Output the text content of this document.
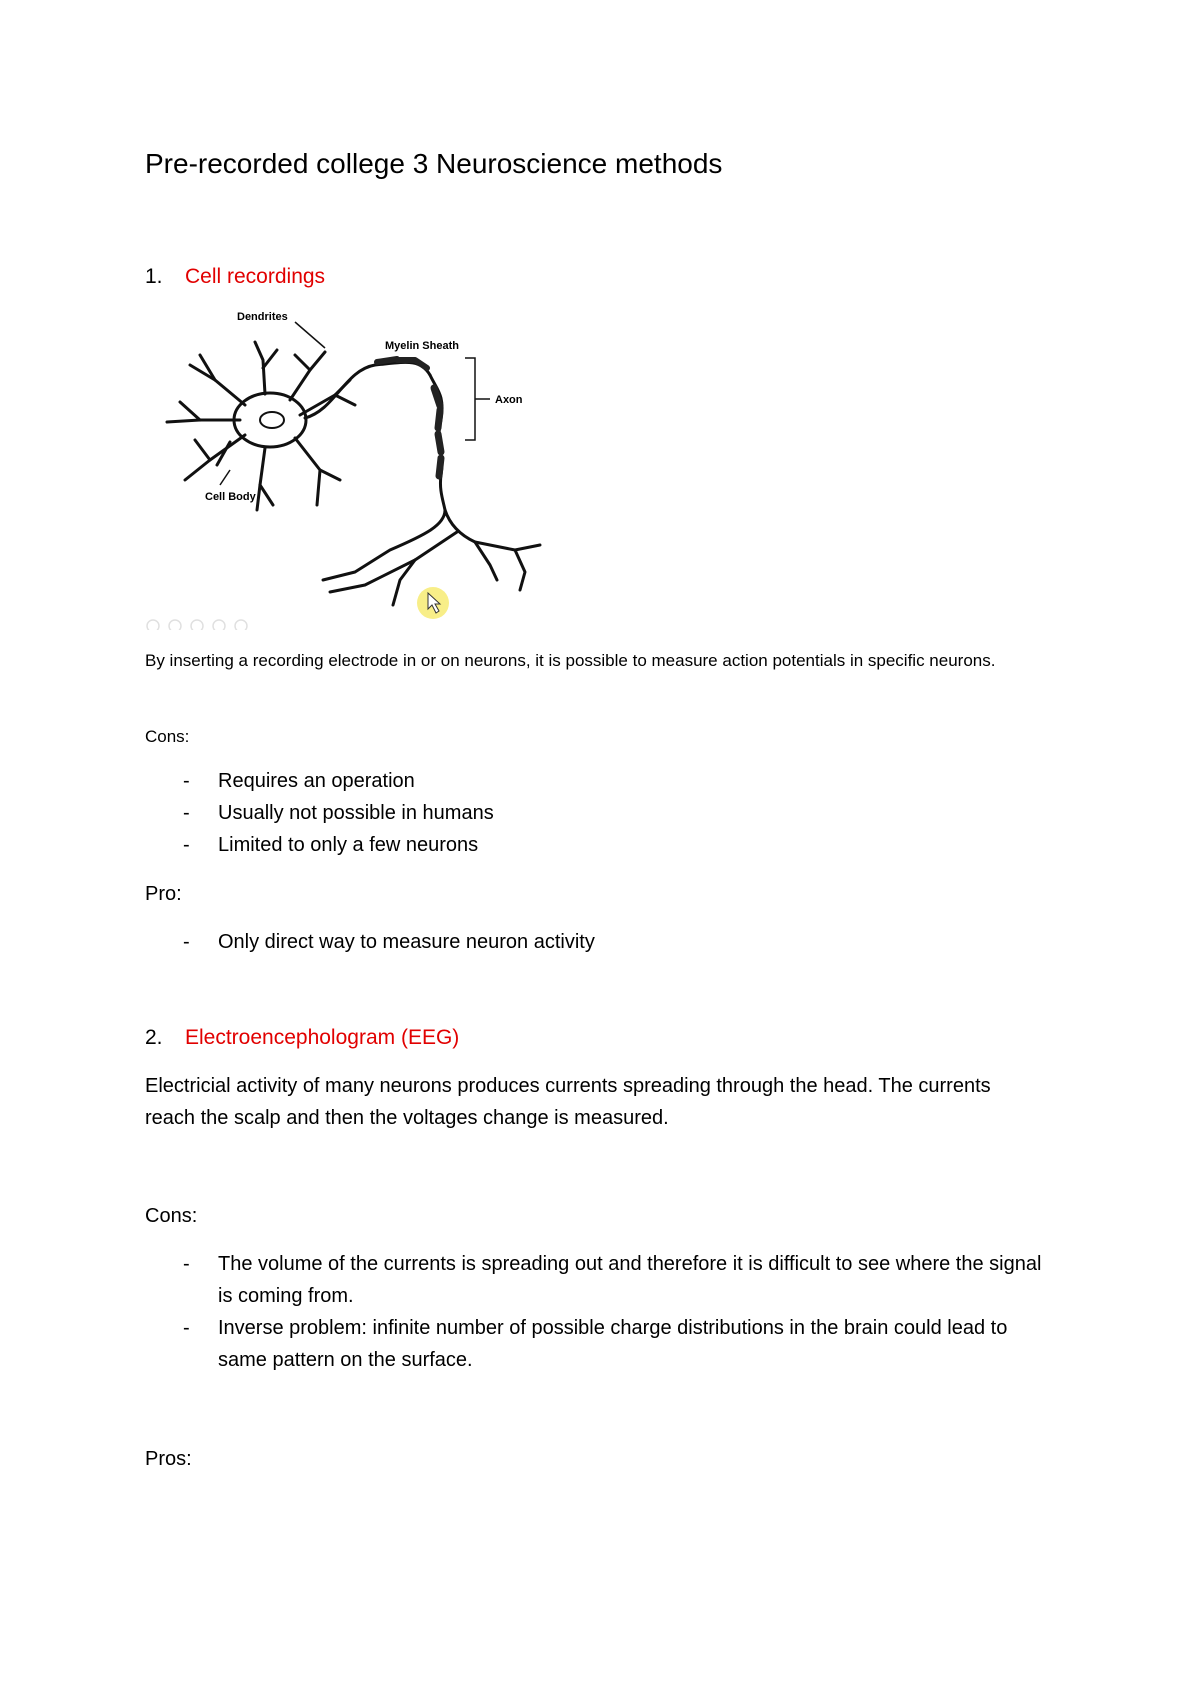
Pre-recorded college 3 Neuroscience methods
1. Cell recordings
Dendrites
Myelin Sheath
Axon
Cell Body

By inserting a recording electrode in or on neurons, it is possible to measure action potentials in specific neurons.

Cons:

- Requires an operation
- Usually not possible in humans
- Limited to only a few neurons

Pro:

- Only direct way to measure neuron activity
2. Electroencephologram (EEG)

Electricial activity of many neurons produces currents spreading through the head. The currents reach the scalp and then the voltages change is measured.

Cons:

- The volume of the currents is spreading out and therefore it is difficult to see where the signal is coming from.
- Inverse problem: infinite number of possible charge distributions in the brain could lead to same pattern on the surface.

Pros:
